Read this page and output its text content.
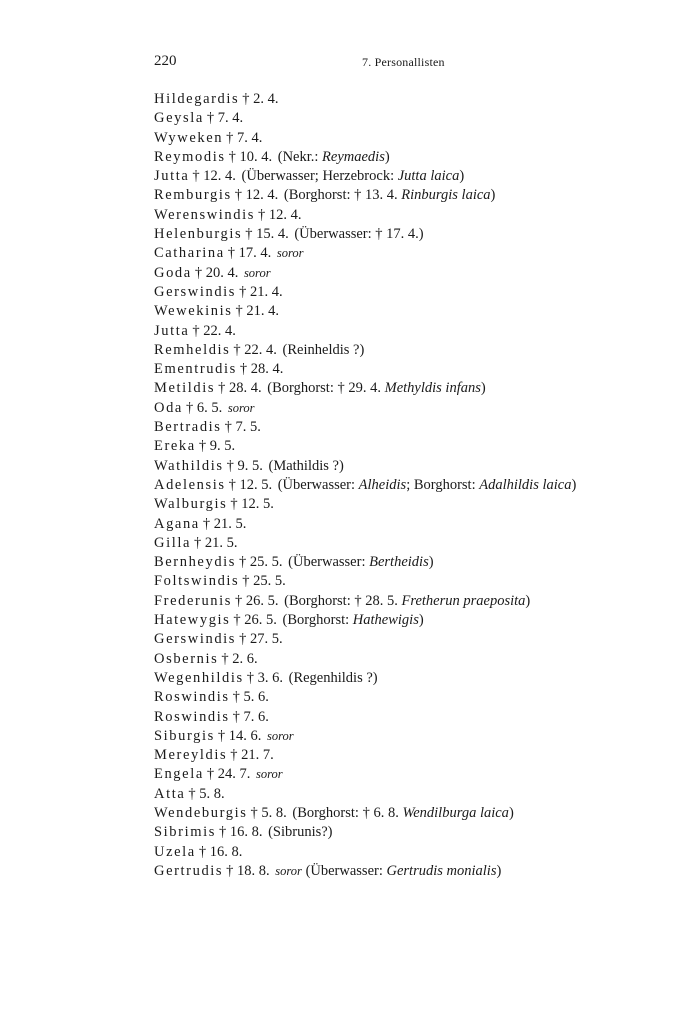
220	7. Personallisten
Hildegardis † 2. 4.
Geysla † 7. 4.
Wyweken † 7. 4.
Reymodis † 10. 4. (Nekr.: Reymaedis)
Jutta † 12. 4. (Überwasser; Herzebrock: Jutta laica)
Remburgis † 12. 4. (Borghorst: † 13. 4. Rinburgis laica)
Werenswindis † 12. 4.
Helenburgis † 15. 4. (Überwasser: † 17. 4.)
Catharina † 17. 4. soror
Goda † 20. 4. soror
Gerswindis † 21. 4.
Wewekinis † 21. 4.
Jutta † 22. 4.
Remheldis † 22. 4. (Reinheldis ?)
Ementrudis † 28. 4.
Metildis † 28. 4. (Borghorst: † 29. 4. Methyldis infans)
Oda † 6. 5. soror
Bertradis † 7. 5.
Ereka † 9. 5.
Wathildis † 9. 5. (Mathildis ?)
Adelensis † 12. 5. (Überwasser: Alheidis; Borghorst: Adalhildis laica)
Walburgis † 12. 5.
Agana † 21. 5.
Gilla † 21. 5.
Bernheydis † 25. 5. (Überwasser: Bertheidis)
Foltswindis † 25. 5.
Frederunis † 26. 5. (Borghorst: † 28. 5. Fretherun praeposita)
Hatewygis † 26. 5. (Borghorst: Hathewigis)
Gerswindis † 27. 5.
Osbernis † 2. 6.
Wegenhildis † 3. 6. (Regenhildis ?)
Roswindis † 5. 6.
Roswindis † 7. 6.
Siburgis † 14. 6. soror
Mereyldis † 21. 7.
Engela † 24. 7. soror
Atta † 5. 8.
Wendeburgis † 5. 8. (Borghorst: † 6. 8. Wendilburga laica)
Sibrimis † 16. 8. (Sibrunis?)
Uzela † 16. 8.
Gertrudis † 18. 8. soror (Überwasser: Gertrudis monialis)
